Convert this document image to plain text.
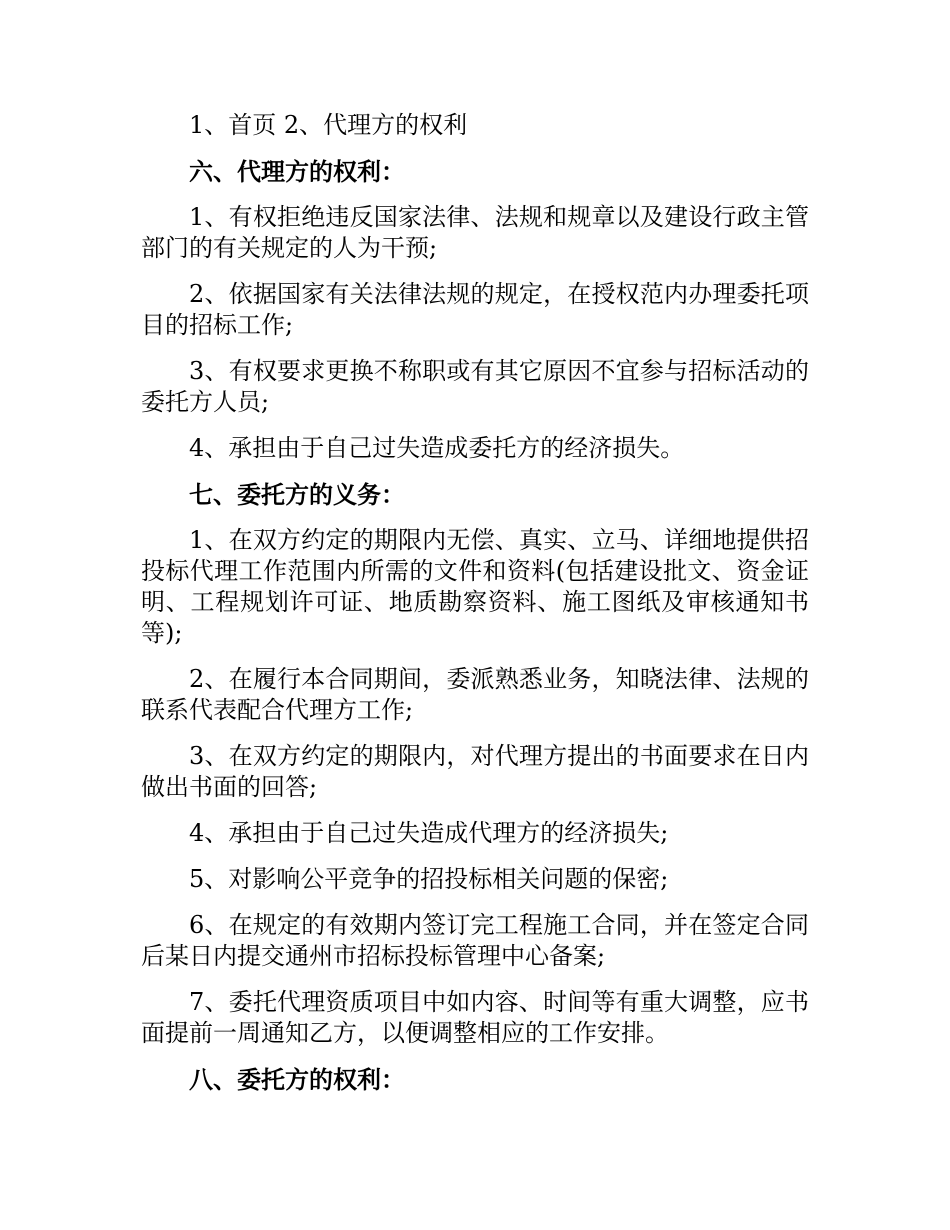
1、首页 2、代理方的权利

六、代理方的权利：

1、有权拒绝违反国家法律、法规和规章以及建设行政主管部门的有关规定的人为干预;

2、依据国家有关法律法规的规定，在授权范内办理委托项目的招标工作;

3、有权要求更换不称职或有其它原因不宜参与招标活动的委托方人员;

4、承担由于自己过失造成委托方的经济损失。

七、委托方的义务：

1、在双方约定的期限内无偿、真实、立马、详细地提供招投标代理工作范围内所需的文件和资料(包括建设批文、资金证明、工程规划许可证、地质勘察资料、施工图纸及审核通知书等);

2、在履行本合同期间，委派熟悉业务，知晓法律、法规的联系代表配合代理方工作;

3、在双方约定的期限内，对代理方提出的书面要求在日内做出书面的回答;

4、承担由于自己过失造成代理方的经济损失;

5、对影响公平竞争的招投标相关问题的保密;

6、在规定的有效期内签订完工程施工合同，并在签定合同后某日内提交通州市招标投标管理中心备案;

7、委托代理资质项目中如内容、时间等有重大调整，应书面提前一周通知乙方，以便调整相应的工作安排。

八、委托方的权利：
